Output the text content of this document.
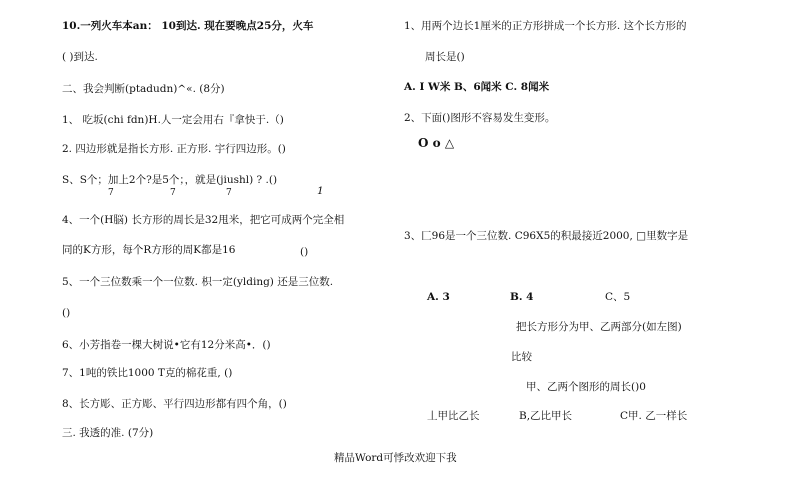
10.一列火车本an： 10到达. 现在要晚点25分，火车
( )到达.
二、我会判断(ptadudn)^«. (8分)
1、 吃坂(chi fdn)H.人一定会用右『拿快于.（)
2. 四边形就是指长方形. 正方形. 宇行四边形。()
S、S个；加上2个?是5个；，就是(jiushl) ? .()
7	7	7	1
4、一个(H脳) 长方形的周长是32甩米，把它可成两个完全相
同的K方形，每个R方形的周K都是16	()
5、一个三位数乘一个一位数. 枳一定(ylding) 还是三位数.
()
6、小芳指卷一棵大树说•它有12分米高•．()
7、1吨的铁比1000 T克的棉花重, ()
8、长方彫、正方彫、平行四边形都有四个角，()
三. 我透的准. (7分)
1、用两个边长1厘米的正方形拼成一个长方形. 这个长方形的
周长是()
A. I W米 B、6闻米 C. 8闻米
2、下面()图形不容易发生变形。
O o △
3、匚96是一个三位数. C96X5的积最接近2000, □里数字是
A. 3	B. 4	C、5
把长方形分为甲、乙两部分(如左图)
比较
甲、乙两个图形的周长()0
丄甲比乙长	B,乙比甲长	C甲. 乙一样长
精品Word可悸改欢迎下我
